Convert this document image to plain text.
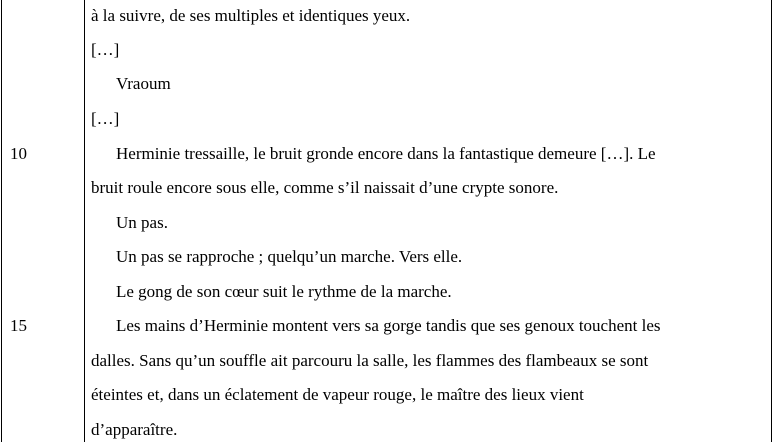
10
15
à la suivre, de ses multiples et identiques yeux.
[…]
Vraoum
[…]
Herminie tressaille, le bruit gronde encore dans la fantastique demeure […]. Le
bruit roule encore sous elle, comme s’il naissait d’une crypte sonore.
Un pas.
Un pas se rapproche ; quelqu’un marche. Vers elle.
Le gong de son cœur suit le rythme de la marche.
Les mains d’Herminie montent vers sa gorge tandis que ses genoux touchent les
dalles. Sans qu’un souffle ait parcouru la salle, les flammes des flambeaux se sont
éteintes et, dans un éclatement de vapeur rouge, le maître des lieux vient
d’apparaître.
